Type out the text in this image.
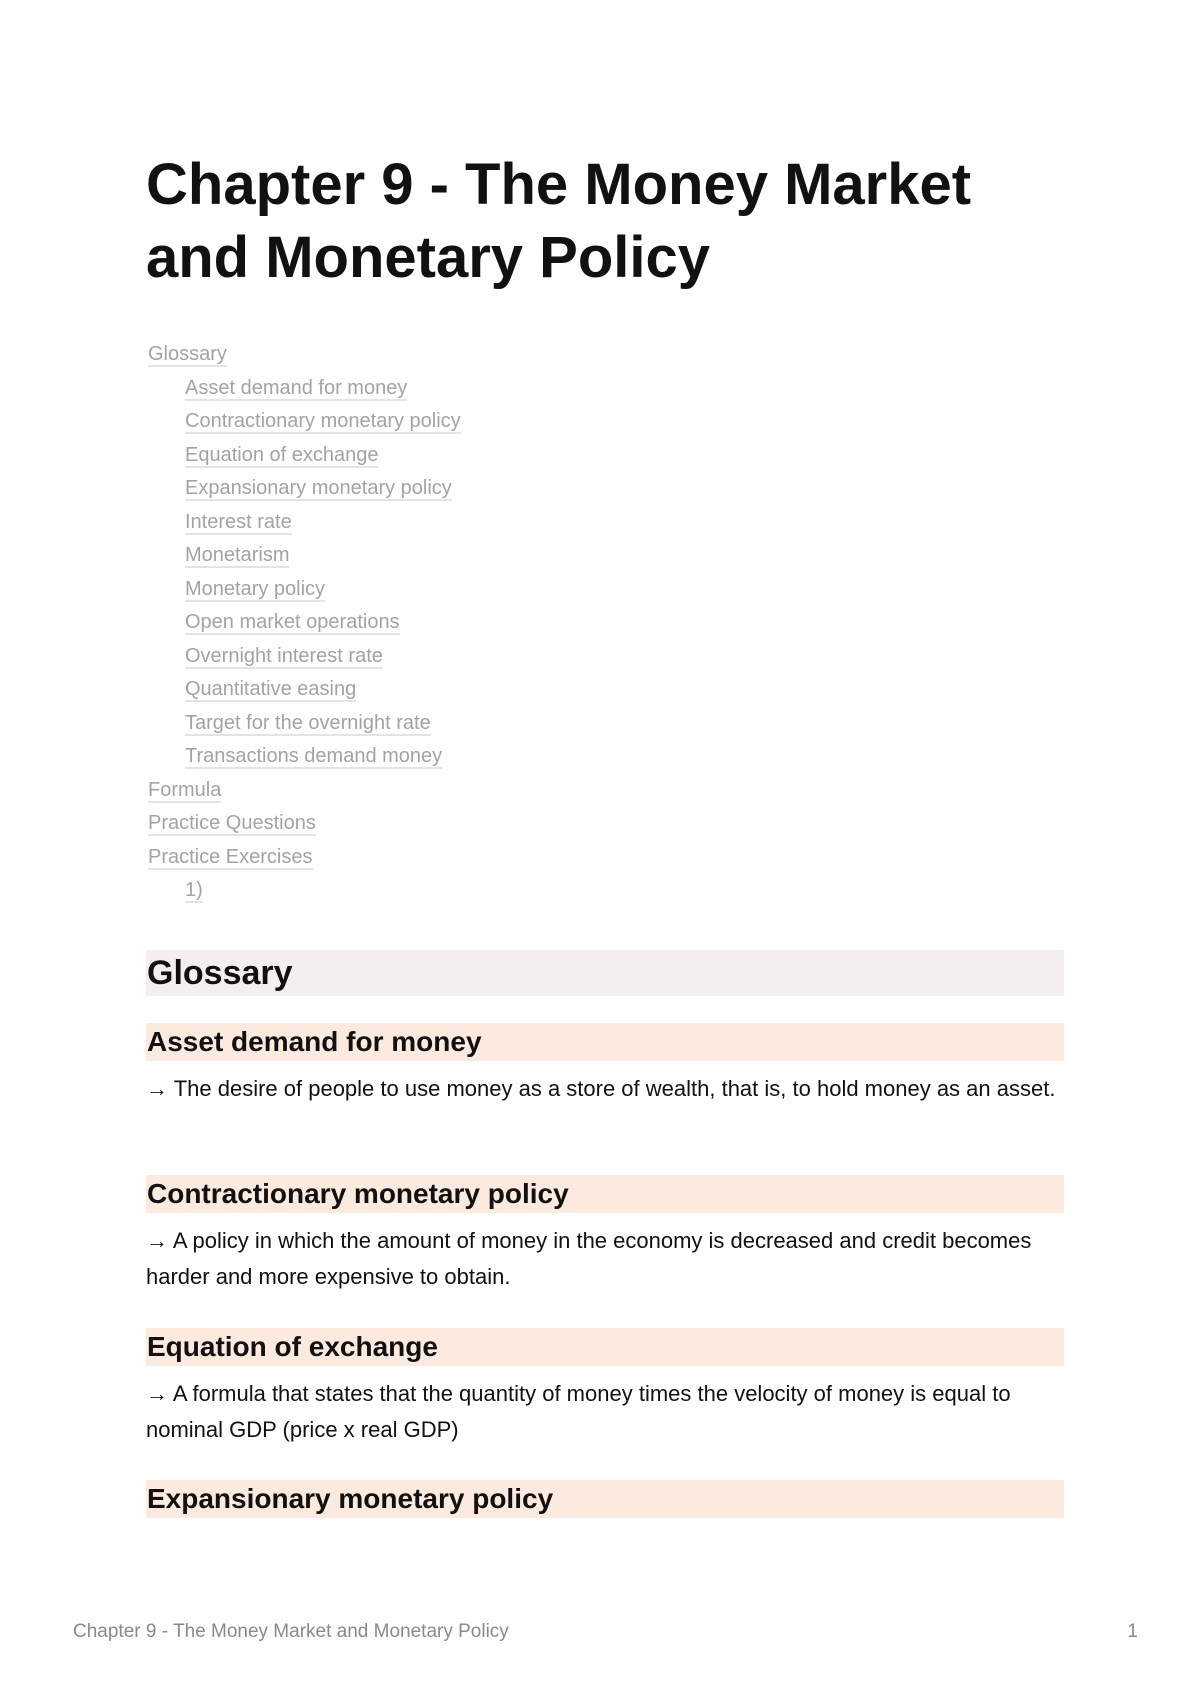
Chapter 9 - The Money Market and Monetary Policy
Glossary
Asset demand for money
Contractionary monetary policy
Equation of exchange
Expansionary monetary policy
Interest rate
Monetarism
Monetary policy
Open market operations
Overnight interest rate
Quantitative easing
Target for the overnight rate
Transactions demand money
Formula
Practice Questions
Practice Exercises
1)
Glossary
Asset demand for money

→ The desire of people to use money as a store of wealth, that is, to hold money as an asset.

Contractionary monetary policy

→ A policy in which the amount of money in the economy is decreased and credit becomes harder and more expensive to obtain.

Equation of exchange

→ A formula that states that the quantity of money times the velocity of money is equal to nominal GDP (price x real GDP)

Expansionary monetary policy
Chapter 9 - The Money Market and Monetary Policy	1
